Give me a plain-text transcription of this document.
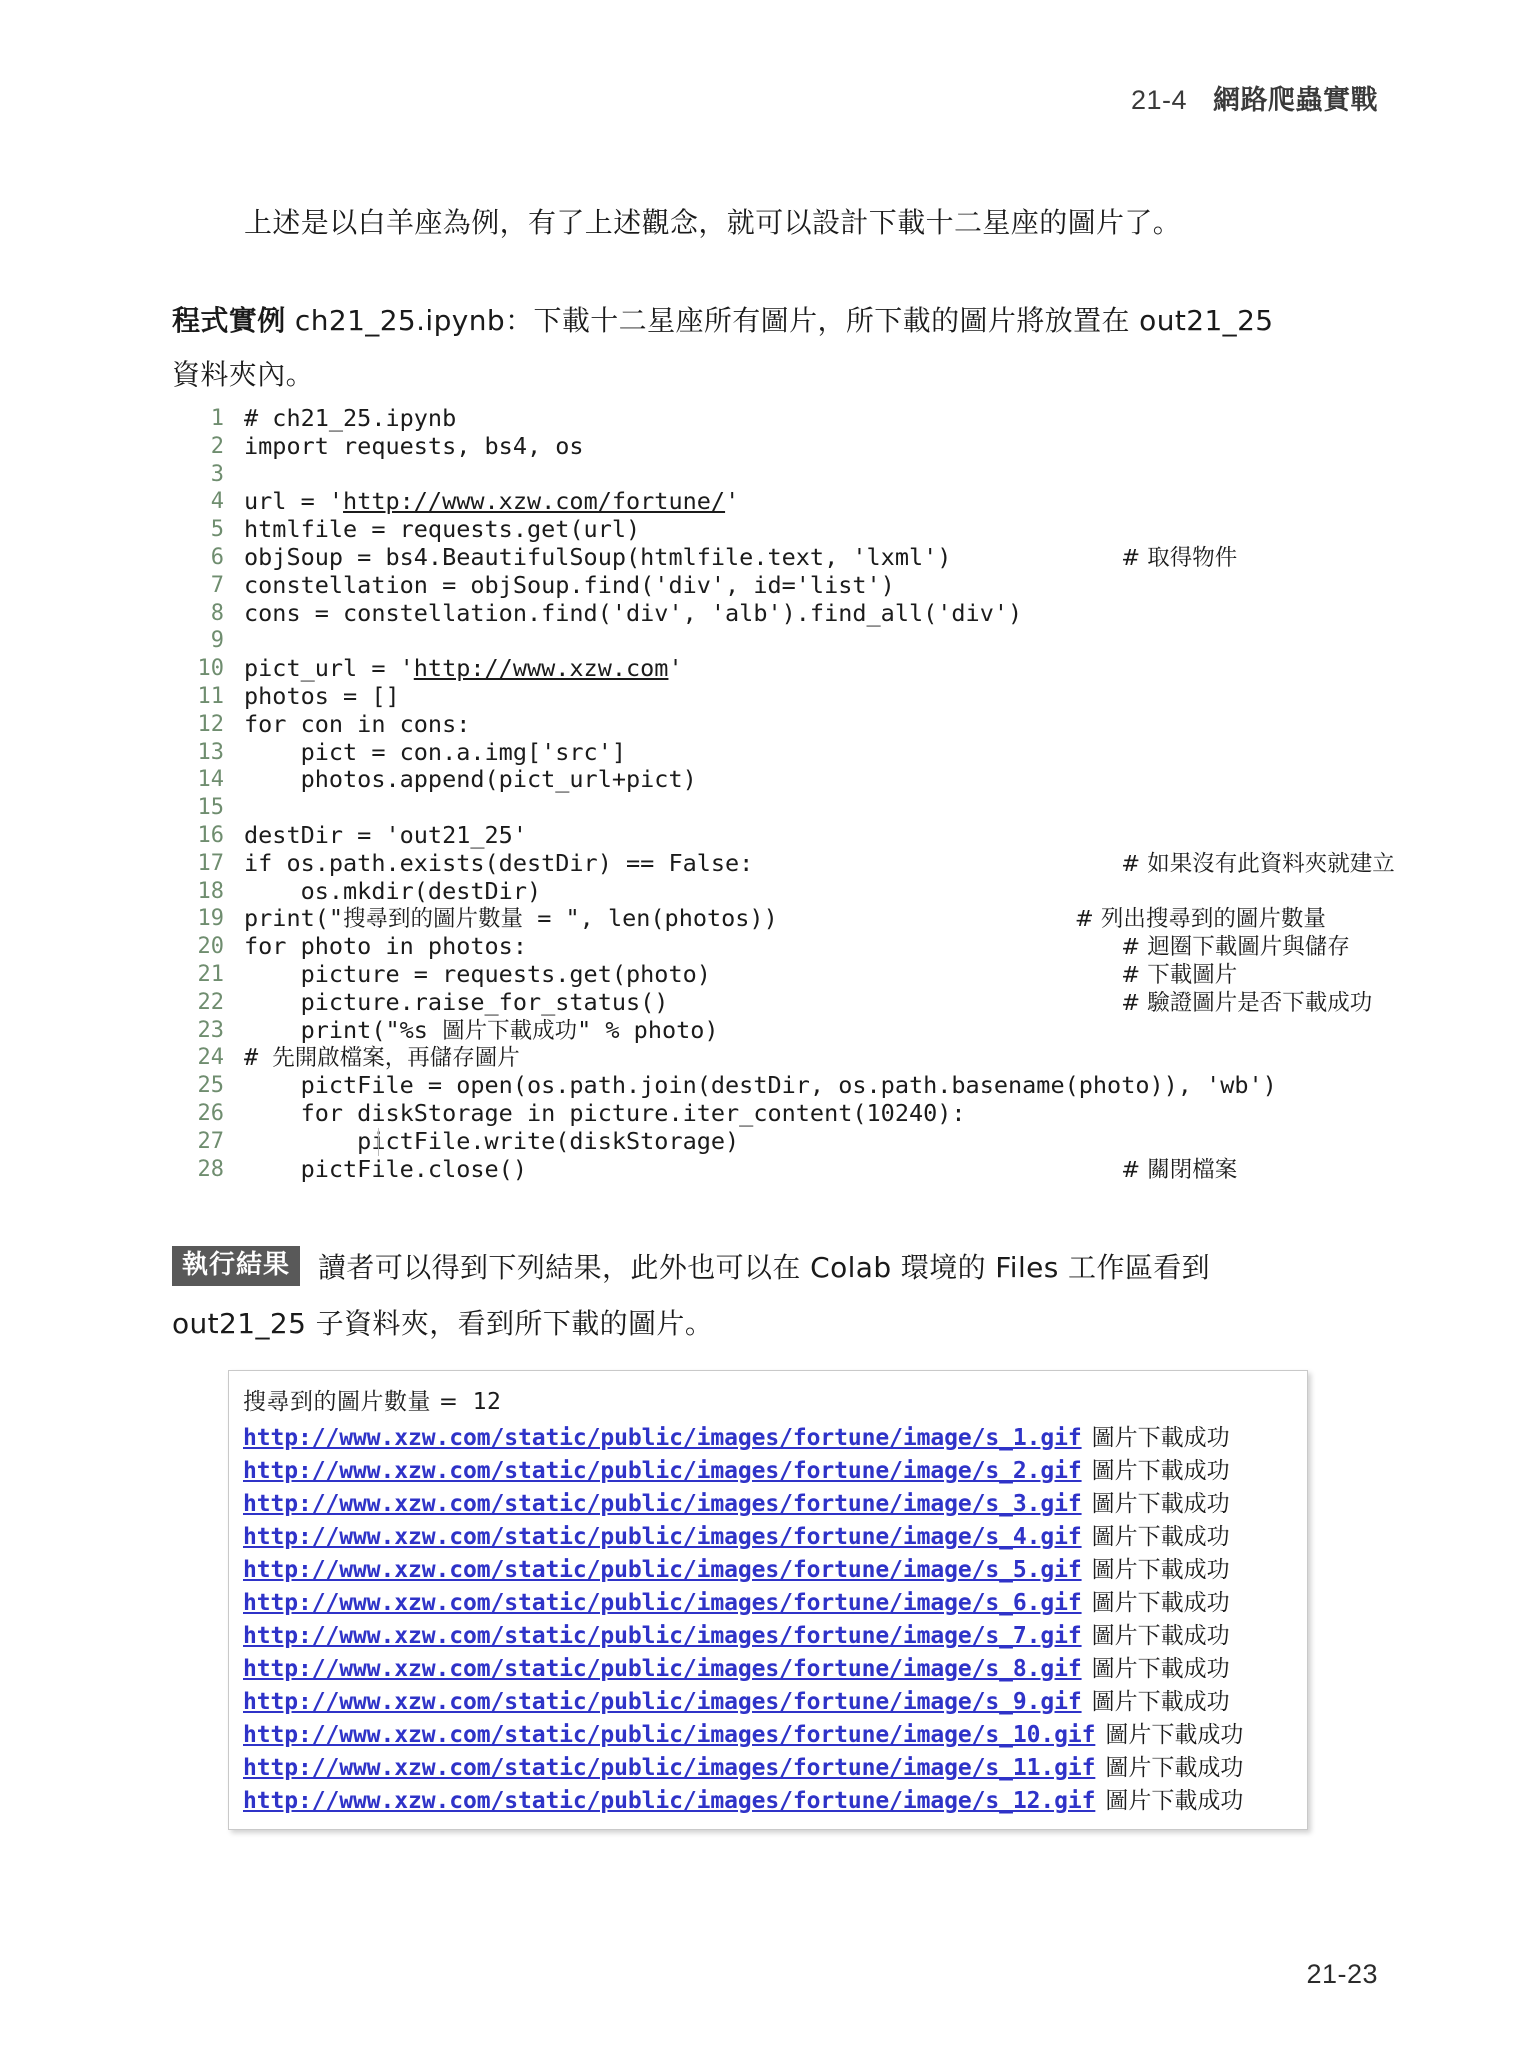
21-4 網路爬蟲實戰
上述是以白羊座為例，有了上述觀念，就可以設計下載十二星座的圖片了。
程式實例 ch21_25.ipynb：下載十二星座所有圖片，所下載的圖片將放置在 out21_25
資料夾內。
1 # ch21_25.ipynb
2 import requests, bs4, os
3
4 url = 'http://www.xzw.com/fortune/'
5 htmlfile = requests.get(url)
6 objSoup = bs4.BeautifulSoup(htmlfile.text, 'lxml')            # 取得物件
7 constellation = objSoup.find('div', id='list')
8 cons = constellation.find('div', 'alb').find_all('div')
9
10 pict_url = 'http://www.xzw.com'
11 photos = []
12 for con in cons:
13 pict = con.a.img['src']
14 photos.append(pict_url+pict)
15
16 destDir = 'out21_25'
17 if os.path.exists(destDir) == False:                          # 如果沒有此資料夾就建立
18 os.mkdir(destDir)
19 print("搜尋到的圖片數量 = ", len(photos))                     # 列出搜尋到的圖片數量
20 for photo in photos:                                          # 迴圈下載圖片與儲存
21 picture = requests.get(photo)                             # 下載圖片
22 picture.raise_for_status()                                # 驗證圖片是否下載成功
23 print("%s 圖片下載成功" % photo)
24 # 先開啟檔案，再儲存圖片
25 pictFile = open(os.path.join(destDir, os.path.basename(photo)), 'wb')
26 for diskStorage in picture.iter_content(10240):
27 pictFile.write(diskStorage)
28 pictFile.close()                                          # 關閉檔案
執行結果 讀者可以得到下列結果，此外也可以在 Colab 環境的 Files 工作區看到
out21_25 子資料夾，看到所下載的圖片。
搜尋到的圖片數量 = 12
http://www.xzw.com/static/public/images/fortune/image/s_1.gif 圖片下載成功
http://www.xzw.com/static/public/images/fortune/image/s_2.gif 圖片下載成功
http://www.xzw.com/static/public/images/fortune/image/s_3.gif 圖片下載成功
http://www.xzw.com/static/public/images/fortune/image/s_4.gif 圖片下載成功
http://www.xzw.com/static/public/images/fortune/image/s_5.gif 圖片下載成功
http://www.xzw.com/static/public/images/fortune/image/s_6.gif 圖片下載成功
http://www.xzw.com/static/public/images/fortune/image/s_7.gif 圖片下載成功
http://www.xzw.com/static/public/images/fortune/image/s_8.gif 圖片下載成功
http://www.xzw.com/static/public/images/fortune/image/s_9.gif 圖片下載成功
http://www.xzw.com/static/public/images/fortune/image/s_10.gif 圖片下載成功
http://www.xzw.com/static/public/images/fortune/image/s_11.gif 圖片下載成功
http://www.xzw.com/static/public/images/fortune/image/s_12.gif 圖片下載成功
21-23
